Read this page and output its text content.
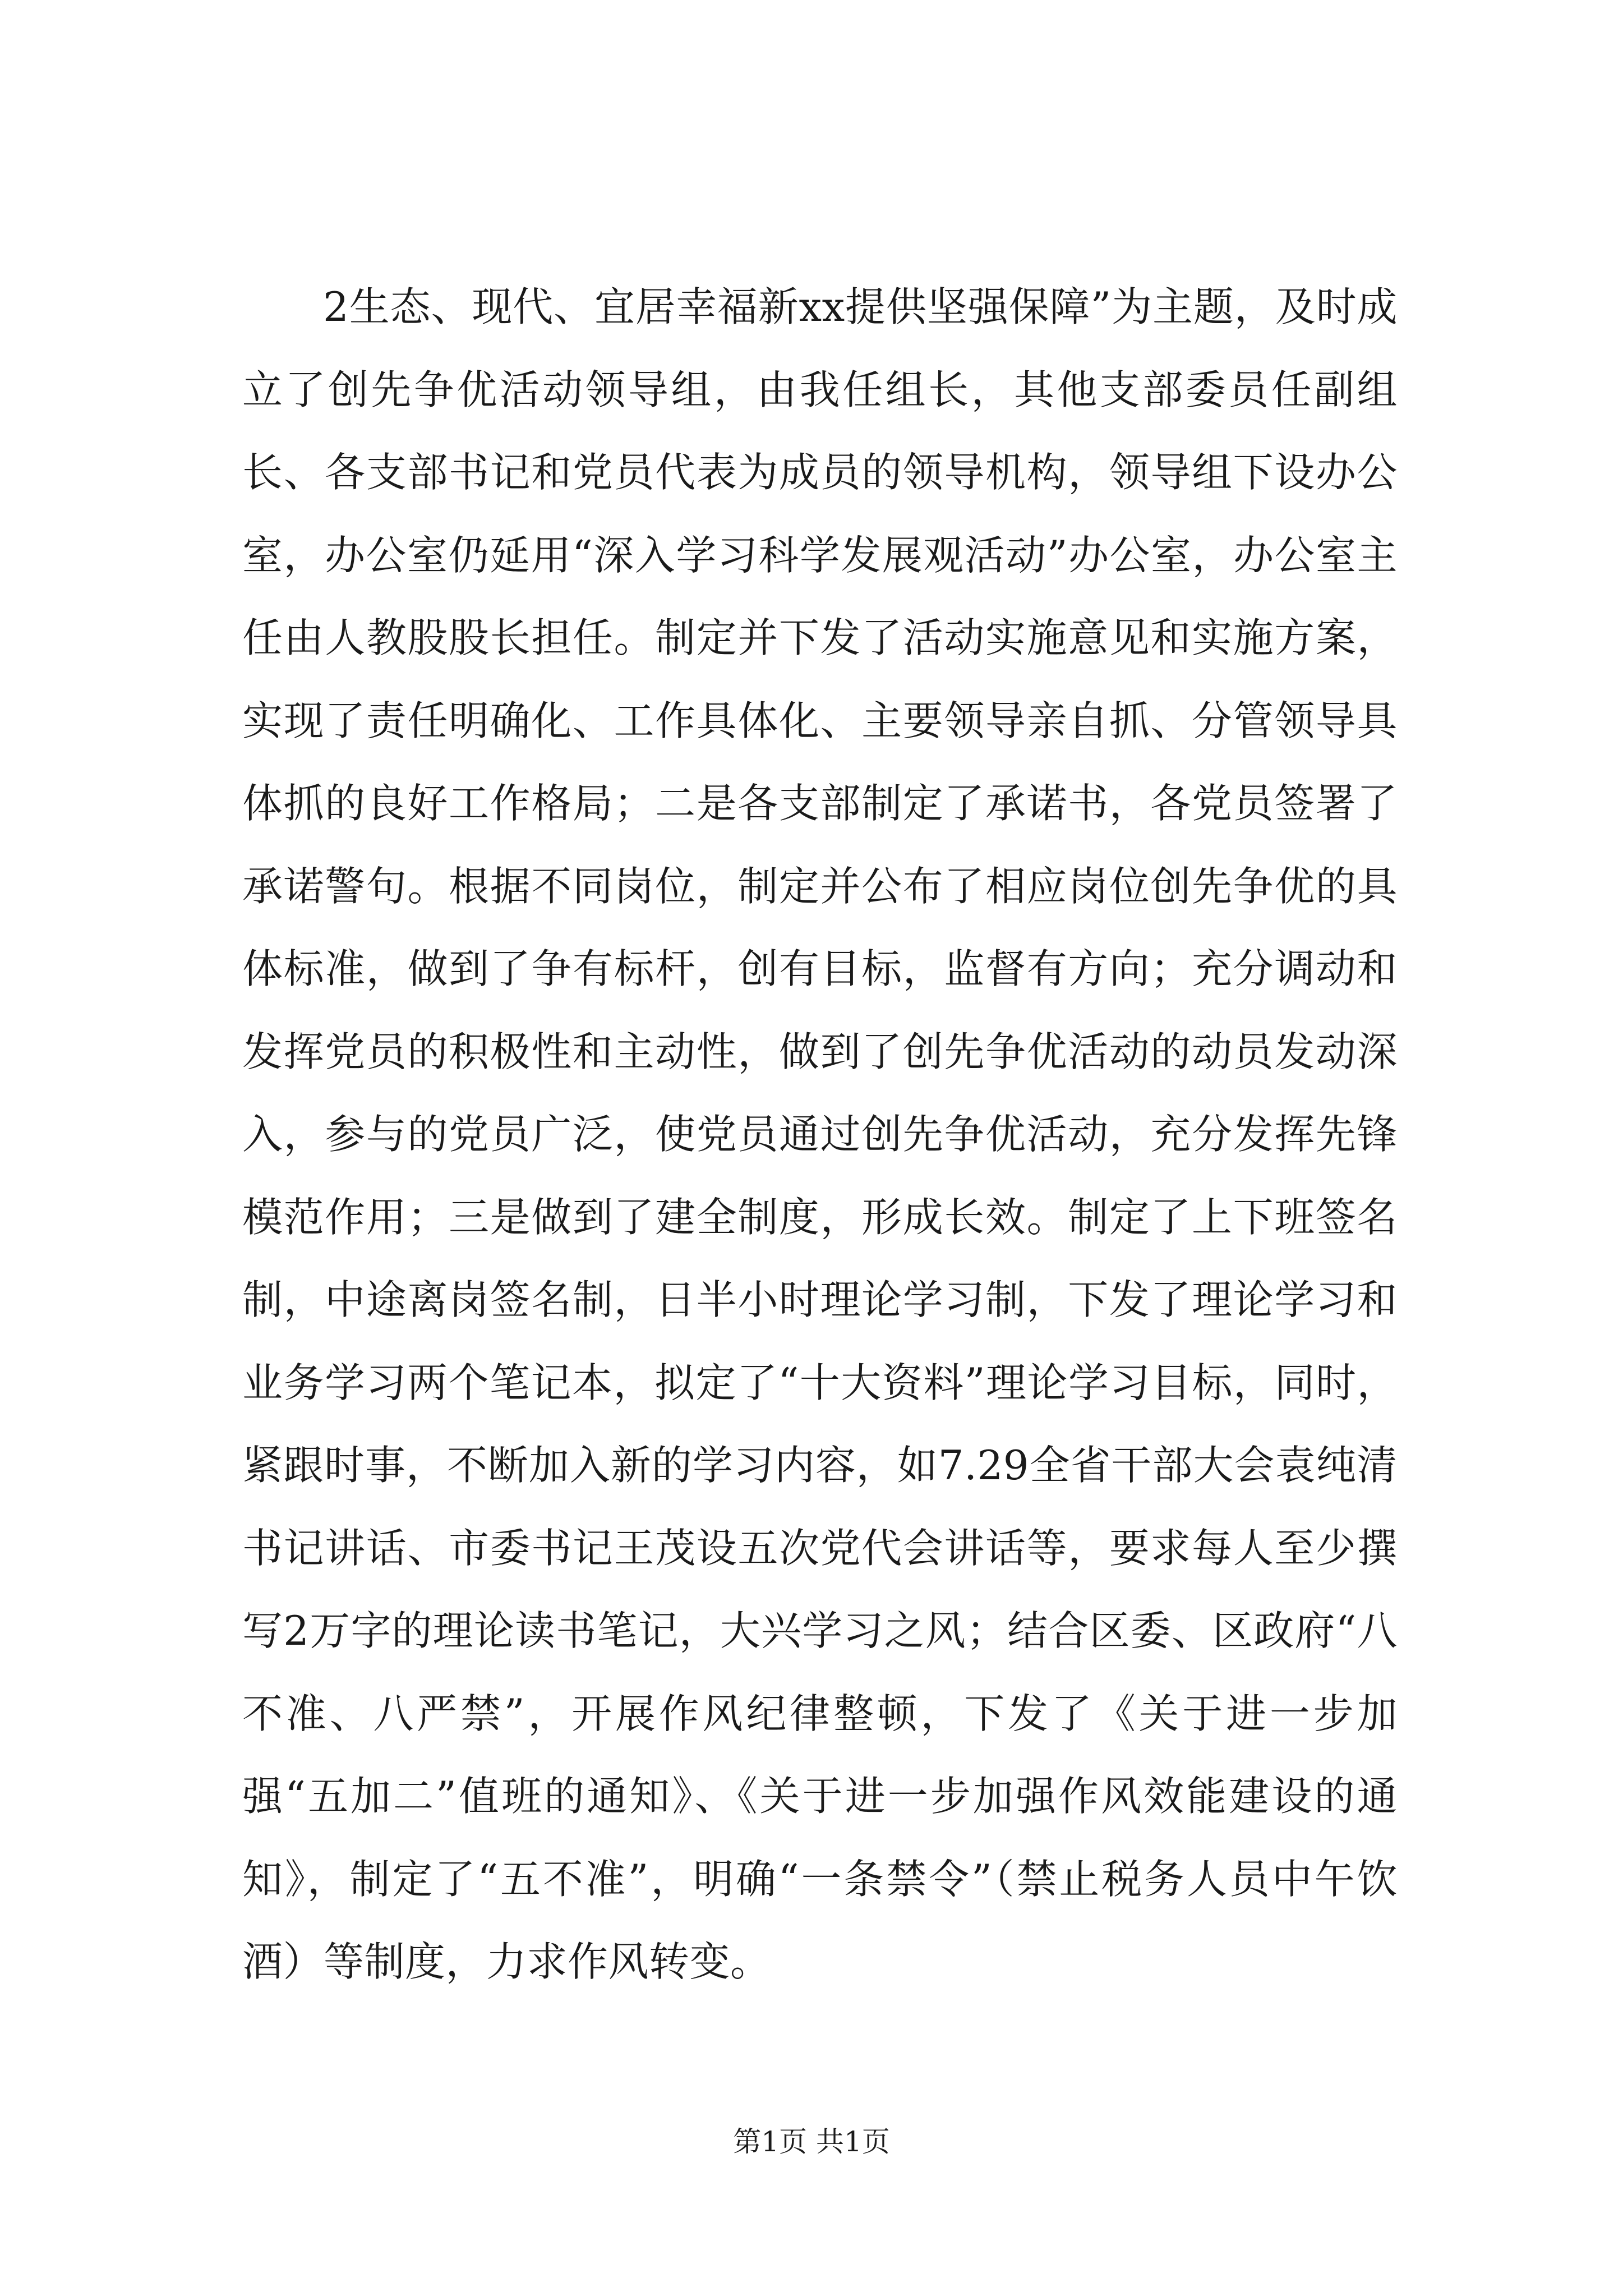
2生态、现代、宜居幸福新xx提供坚强保障”为主题，及时成立了创先争优活动领导组，由我任组长，其他支部委员任副组长、各支部书记和党员代表为成员的领导机构，领导组下设办公室，办公室仍延用“深入学习科学发展观活动”办公室，办公室主任由人教股股长担任。制定并下发了活动实施意见和实施方案，实现了责任明确化、工作具体化、主要领导亲自抓、分管领导具体抓的良好工作格局；二是各支部制定了承诺书，各党员签署了承诺警句。根据不同岗位，制定并公布了相应岗位创先争优的具体标准，做到了争有标杆，创有目标，监督有方向；充分调动和发挥党员的积极性和主动性，做到了创先争优活动的动员发动深入，参与的党员广泛，使党员通过创先争优活动，充分发挥先锋模范作用；三是做到了建全制度，形成长效。制定了上下班签名制，中途离岗签名制，日半小时理论学习制，下发了理论学习和业务学习两个笔记本，拟定了“十大资料”理论学习目标，同时，紧跟时事，不断加入新的学习内容，如7.29全省干部大会袁纯清书记讲话、市委书记王茂设五次党代会讲话等，要求每人至少撰写2万字的理论读书笔记，大兴学习之风；结合区委、区政府“八不准、八严禁”，开展作风纪律整顿，下发了《关于进一步加强“五加二”值班的通知》、《关于进一步加强作风效能建设的通知》，制定了“五不准”，明确“一条禁令”（禁止税务人员中午饮酒）等制度，力求作风转变。

第1页 共1页
